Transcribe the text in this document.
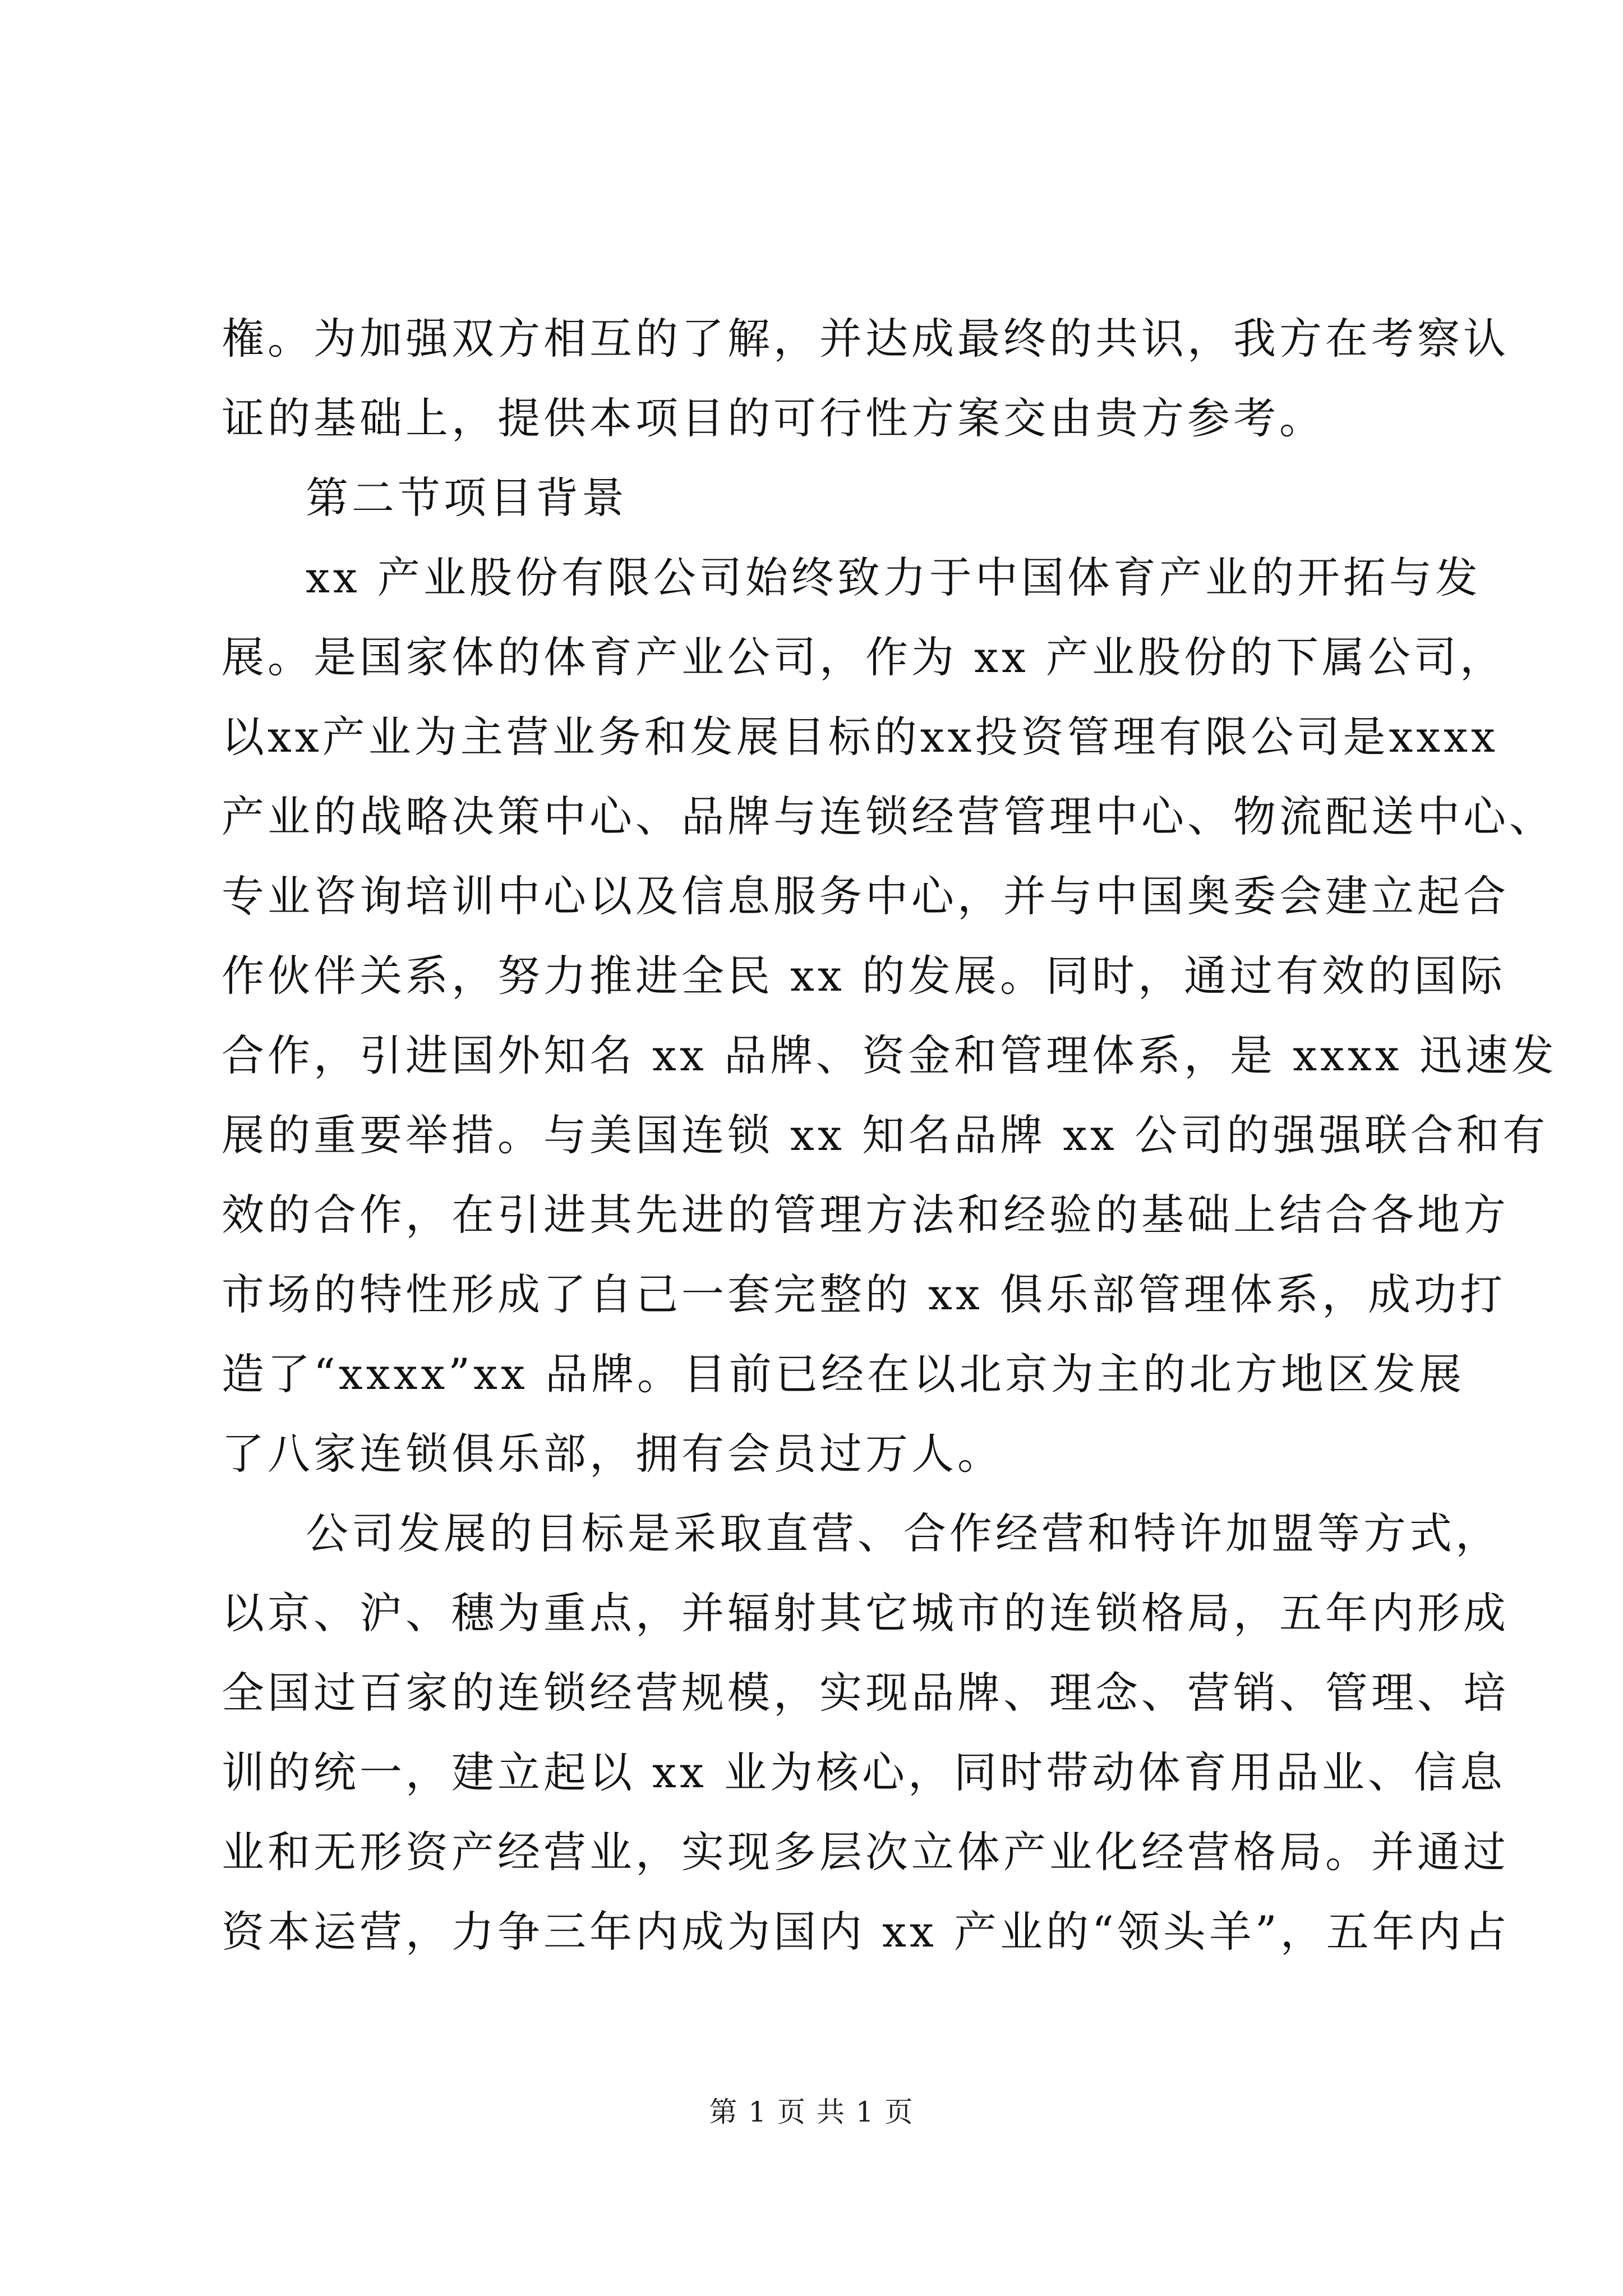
権。为加强双方相互的了解，并达成最终的共识，我方在考察认
证的基础上，提供本项目的可行性方案交由贵方参考。
第二节项目背景
xx 产业股份有限公司始终致力于中国体育产业的开拓与发
展。是国家体的体育产业公司，作为 xx 产业股份的下属公司，
以xx产业为主营业务和发展目标的xx投资管理有限公司是xxxx
产业的战略决策中心、品牌与连锁经营管理中心、物流配送中心、
专业咨询培训中心以及信息服务中心，并与中国奥委会建立起合
作伙伴关系，努力推进全民 xx 的发展。同时，通过有效的国际
合作，引进国外知名 xx 品牌、资金和管理体系，是 xxxx 迅速发
展的重要举措。与美国连锁 xx 知名品牌 xx 公司的强强联合和有
效的合作，在引进其先进的管理方法和经验的基础上结合各地方
市场的特性形成了自己一套完整的 xx 俱乐部管理体系，成功打
造了“xxxx”xx 品牌。目前已经在以北京为主的北方地区发展
了八家连锁俱乐部，拥有会员过万人。
公司发展的目标是采取直营、合作经营和特许加盟等方式，
以京、沪、穗为重点，并辐射其它城市的连锁格局，五年内形成
全国过百家的连锁经营规模，实现品牌、理念、营销、管理、培
训的统一，建立起以 xx 业为核心，同时带动体育用品业、信息
业和无形资产经营业，实现多层次立体产业化经营格局。并通过
资本运营，力争三年内成为国内 xx 产业的“领头羊”，五年内占
第 1 页 共 1 页
